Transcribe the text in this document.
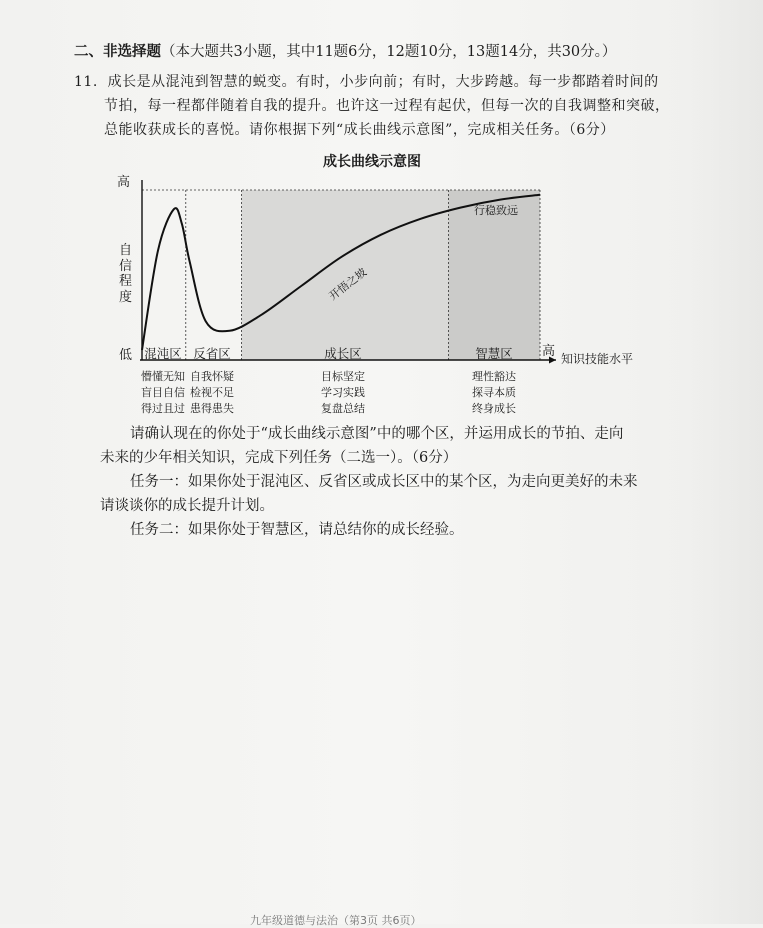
二、非选择题（本大题共3小题，其中11题6分，12题10分，13题14分，共30分。）
11. 成长是从混沌到智慧的蜕变。有时，小步向前；有时，大步跨越。每一步都踏着时间的
节拍，每一程都伴随着自我的提升。也许这一过程有起伏，但每一次的自我调整和突破，
总能收获成长的喜悦。请你根据下列“成长曲线示意图”，完成相关任务。（6分）
成长曲线示意图
高
低
自
信
程
度
高 知识技能水平
混沌区
懵懂无知
盲目自信
得过且过
反省区
自我怀疑
检视不足
患得患失
成长区
目标坚定
学习实践
复盘总结
智慧区
理性豁达
探寻本质
终身成长
开悟之坡
行稳致远
请确认现在的你处于“成长曲线示意图”中的哪个区，并运用成长的节拍、走向
未来的少年相关知识，完成下列任务（二选一）。（6分）
任务一：如果你处于混沌区、反省区或成长区中的某个区，为走向更美好的未来
请谈谈你的成长提升计划。
任务二：如果你处于智慧区，请总结你的成长经验。
九年级道德与法治（第3页 共6页）
